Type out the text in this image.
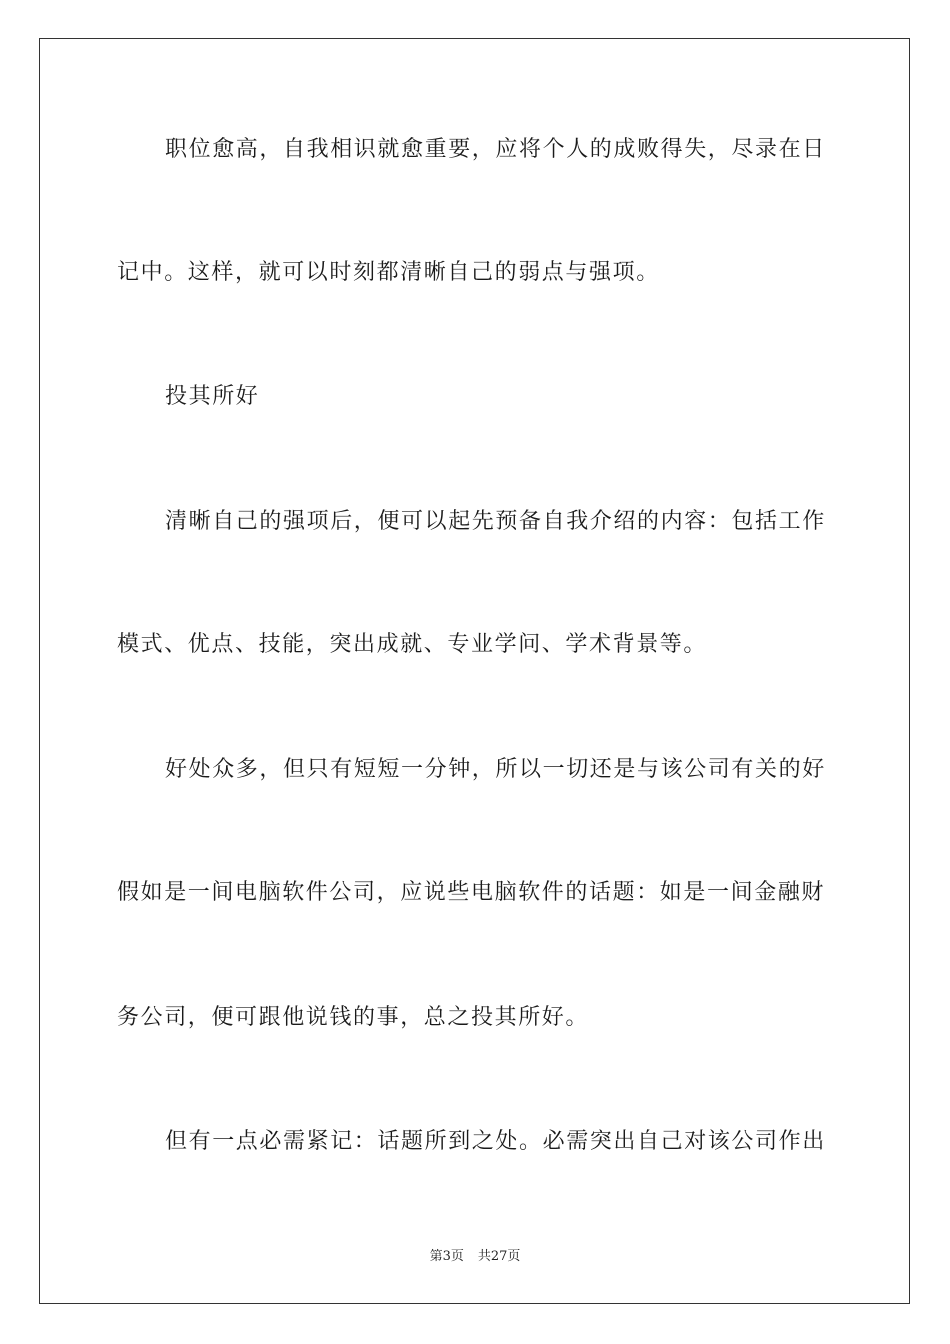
职位愈高，自我相识就愈重要，应将个人的成败得失，尽录在日
记中。这样，就可以时刻都清晰自己的弱点与强项。
投其所好
清晰自己的强项后，便可以起先预备自我介绍的内容：包括工作
模式、优点、技能，突出成就、专业学问、学术背景等。
好处众多，但只有短短一分钟，所以一切还是与该公司有关的好
假如是一间电脑软件公司，应说些电脑软件的话题：如是一间金融财
务公司，便可跟他说钱的事，总之投其所好。
但有一点必需紧记：话题所到之处。必需突出自己对该公司作出
第3页 共27页
